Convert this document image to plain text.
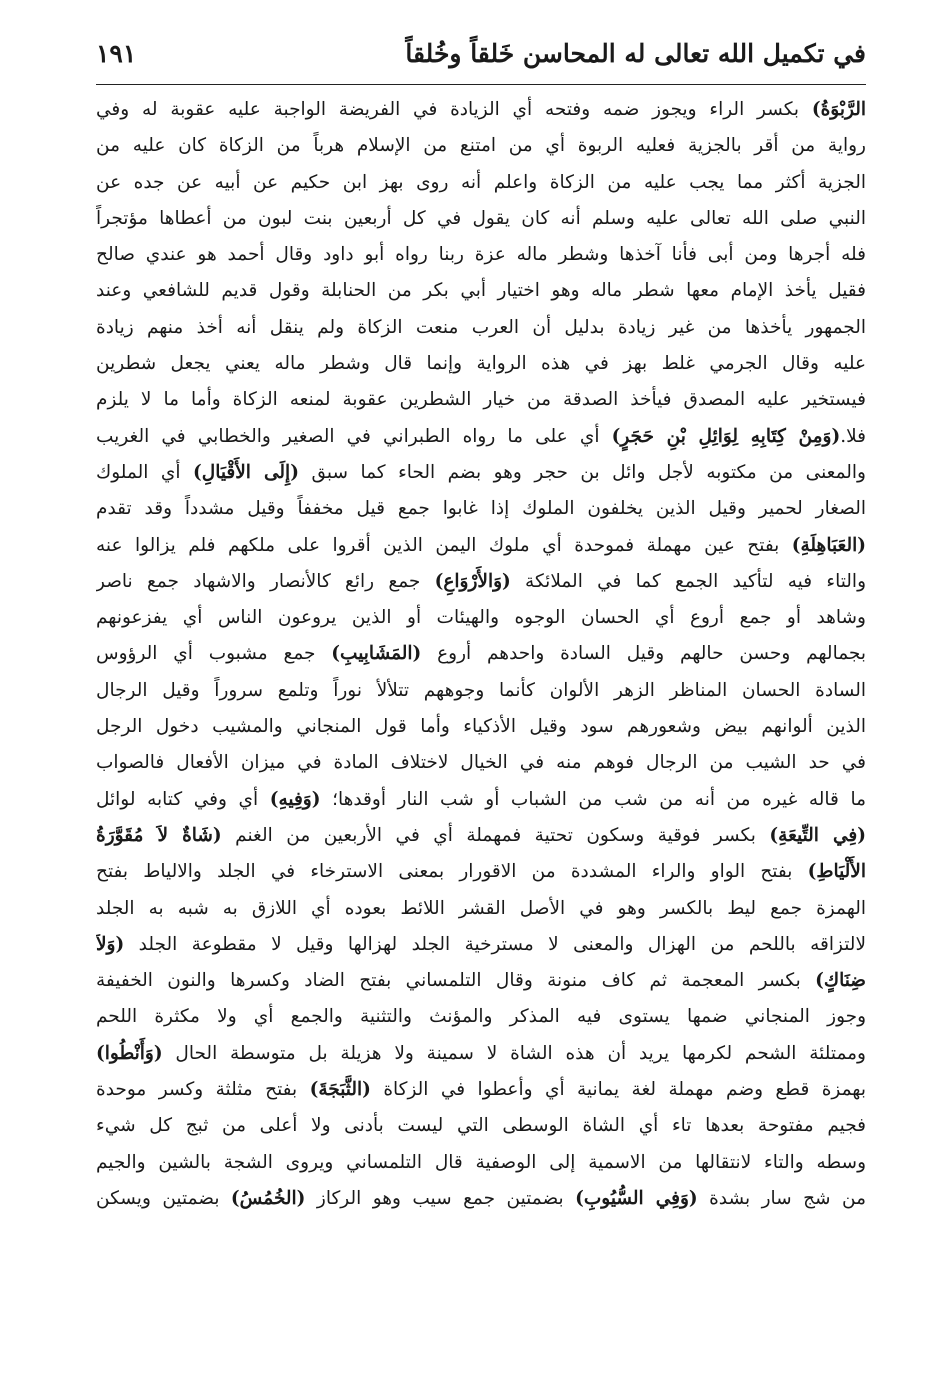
في تكميل الله تعالى له المحاسن خَلقاً وخُلقاً
١٩١
الرَّبْوَةُ) بكسر الراء ويجوز ضمه وفتحه أي الزيادة في الفريضة الواجبة عليه عقوبة له وفي
رواية من أقر بالجزية فعليه الربوة أي من امتنع من الإسلام هرباً من الزكاة كان عليه من
الجزية أكثر مما يجب عليه من الزكاة واعلم أنه روى بهز ابن حكيم عن أبيه عن جده عن
النبي صلى الله تعالى عليه وسلم أنه كان يقول في كل أربعين بنت لبون من أعطاها مؤتجراً
فله أجرها ومن أبى فأنا آخذها وشطر ماله عزة ربنا رواه أبو داود وقال أحمد هو عندي صالح
فقيل يأخذ الإمام معها شطر ماله وهو اختيار أبي بكر من الحنابلة وقول قديم للشافعي وعند
الجمهور يأخذها من غير زيادة بدليل أن العرب منعت الزكاة ولم ينقل أنه أخذ منهم زيادة
عليه وقال الجرمي غلط بهز في هذه الرواية وإنما قال وشطر ماله يعني يجعل شطرين
فيستخير عليه المصدق فيأخذ الصدقة من خيار الشطرين عقوبة لمنعه الزكاة وأما ما لا يلزم
فلا.(وَمِنْ كِتَابِهِ لِوَائِلِ بْنِ حَجَرٍ) أي على ما رواه الطبراني في الصغير والخطابي في الغريب
والمعنى من مكتوبه لأجل وائل بن حجر وهو بضم الحاء كما سبق (إِلَى الأَقْيَالِ) أي الملوك
الصغار لحمير وقيل الذين يخلفون الملوك إذا غابوا جمع قيل مخففاً وقيل مشدداً وقد تقدم
(العَبَاهِلَةِ) بفتح عين مهملة فموحدة أي ملوك اليمن الذين أقروا على ملكهم فلم يزالوا عنه
والتاء فيه لتأكيد الجمع كما في الملائكة (وَالأَرْوَاعِ) جمع رائع كالأنصار والاشهاد جمع ناصر
وشاهد أو جمع أروع أي الحسان الوجوه والهيئات أو الذين يروعون الناس أي يفزعونهم
بجمالهم وحسن حالهم وقيل السادة واحدهم أروع (المَشَابِيبِ) جمع مشبوب أي الرؤوس
السادة الحسان المناظر الزهر الألوان كأنما وجوههم تتلألأ نوراً وتلمع سروراً وقيل الرجال
الذين ألوانهم بيض وشعورهم سود وقيل الأذكياء وأما قول المنجاني والمشيب دخول الرجل
في حد الشيب من الرجال فوهم منه في الخيال لاختلاف المادة في ميزان الأفعال فالصواب
ما قاله غيره من أنه من شب من الشباب أو شب النار أوقدها؛ (وَفِيهِ) أي وفي كتابه لوائل
(فِي التِّيعَةِ) بكسر فوقية وسكون تحتية فمهملة أي في الأربعين من الغنم (شَاةٌ لاَ مُقَوَّرَةُ
الأَلْيَاطِ) بفتح الواو والراء المشددة من الاقورار بمعنى الاسترخاء في الجلد والالياط بفتح
الهمزة جمع ليط بالكسر وهو في الأصل القشر اللائط بعوده أي اللازق به شبه به الجلد
لالتزاقه باللحم من الهزال والمعنى لا مسترخية الجلد لهزالها وقيل لا مقطوعة الجلد (وَلاَ
ضِنَاكٍ) بكسر المعجمة ثم كاف منونة وقال التلمساني بفتح الضاد وكسرها والنون الخفيفة
وجوز المنجاني ضمها يستوى فيه المذكر والمؤنث والتثنية والجمع أي ولا مكثرة اللحم
وممتلئة الشحم لكرمها يريد أن هذه الشاة لا سمينة ولا هزيلة بل متوسطة الحال (وَأَنْطُوا)
بهمزة قطع وضم مهملة لغة يمانية أي وأعطوا في الزكاة (الثَّبَجَةَ) بفتح مثلثة وكسر موحدة
فجيم مفتوحة بعدها تاء أي الشاة الوسطى التي ليست بأدنى ولا أعلى من ثبج كل شيء
وسطه والتاء لانتقالها من الاسمية إلى الوصفية قال التلمساني ويروى الشجة بالشين والجيم
من شج سار بشدة (وَفِي السُّيُوبِ) بضمتين جمع سيب وهو الركاز (الخُمُسُ) بضمتين ويسكن
